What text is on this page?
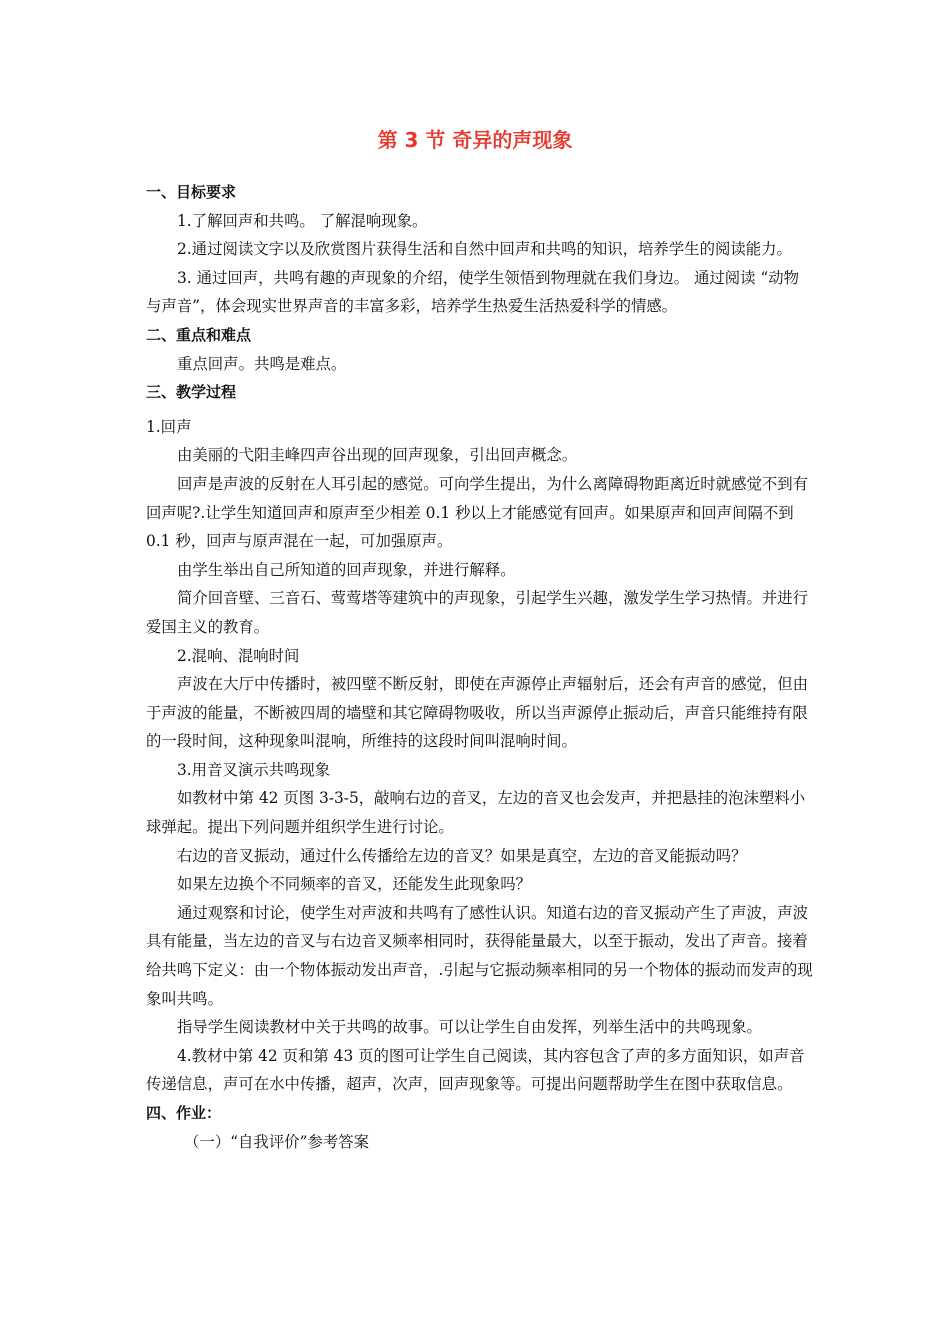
第 3 节 奇异的声现象

一、目标要求

1.了解回声和共鸣。 了解混响现象。

2.通过阅读文字以及欣赏图片获得生活和自然中回声和共鸣的知识，培养学生的阅读能力。

3. 通过回声，共鸣有趣的声现象的介绍，使学生领悟到物理就在我们身边。 通过阅读 “动物与声音”，体会现实世界声音的丰富多彩，培养学生热爱生活热爱科学的情感。

二、重点和难点

重点回声。共鸣是难点。

三、教学过程

1.回声

由美丽的弋阳圭峰四声谷出现的回声现象，引出回声概念。

回声是声波的反射在人耳引起的感觉。可向学生提出，为什么离障碍物距离近时就感觉不到有回声呢?.让学生知道回声和原声至少相差 0.1 秒以上才能感觉有回声。如果原声和回声间隔不到 0.1 秒，回声与原声混在一起，可加强原声。

由学生举出自己所知道的回声现象，并进行解释。

简介回音壁、三音石、莺莺塔等建筑中的声现象，引起学生兴趣，激发学生学习热情。并进行爱国主义的教育。

2.混响、混响时间

声波在大厅中传播时，被四壁不断反射，即使在声源停止声辐射后，还会有声音的感觉，但由于声波的能量，不断被四周的墙壁和其它障碍物吸收，所以当声源停止振动后，声音只能维持有限的一段时间，这种现象叫混响，所维持的这段时间叫混响时间。

3.用音叉演示共鸣现象

如教材中第 42 页图 3-3-5，敲响右边的音叉，左边的音叉也会发声，并把悬挂的泡沫塑料小球弹起。提出下列问题并组织学生进行讨论。

右边的音叉振动，通过什么传播给左边的音叉？如果是真空，左边的音叉能振动吗？

如果左边换个不同频率的音叉，还能发生此现象吗？

通过观察和讨论，使学生对声波和共鸣有了感性认识。知道右边的音叉振动产生了声波，声波具有能量，当左边的音叉与右边音叉频率相同时，获得能量最大，以至于振动，发出了声音。接着给共鸣下定义：由一个物体振动发出声音，.引起与它振动频率相同的另一个物体的振动而发声的现象叫共鸣。

指导学生阅读教材中关于共鸣的故事。可以让学生自由发挥，列举生活中的共鸣现象。

4.教材中第 42 页和第 43 页的图可让学生自己阅读，其内容包含了声的多方面知识，如声音传递信息，声可在水中传播，超声，次声，回声现象等。可提出问题帮助学生在图中获取信息。

四、作业：

（一）“自我评价”参考答案
